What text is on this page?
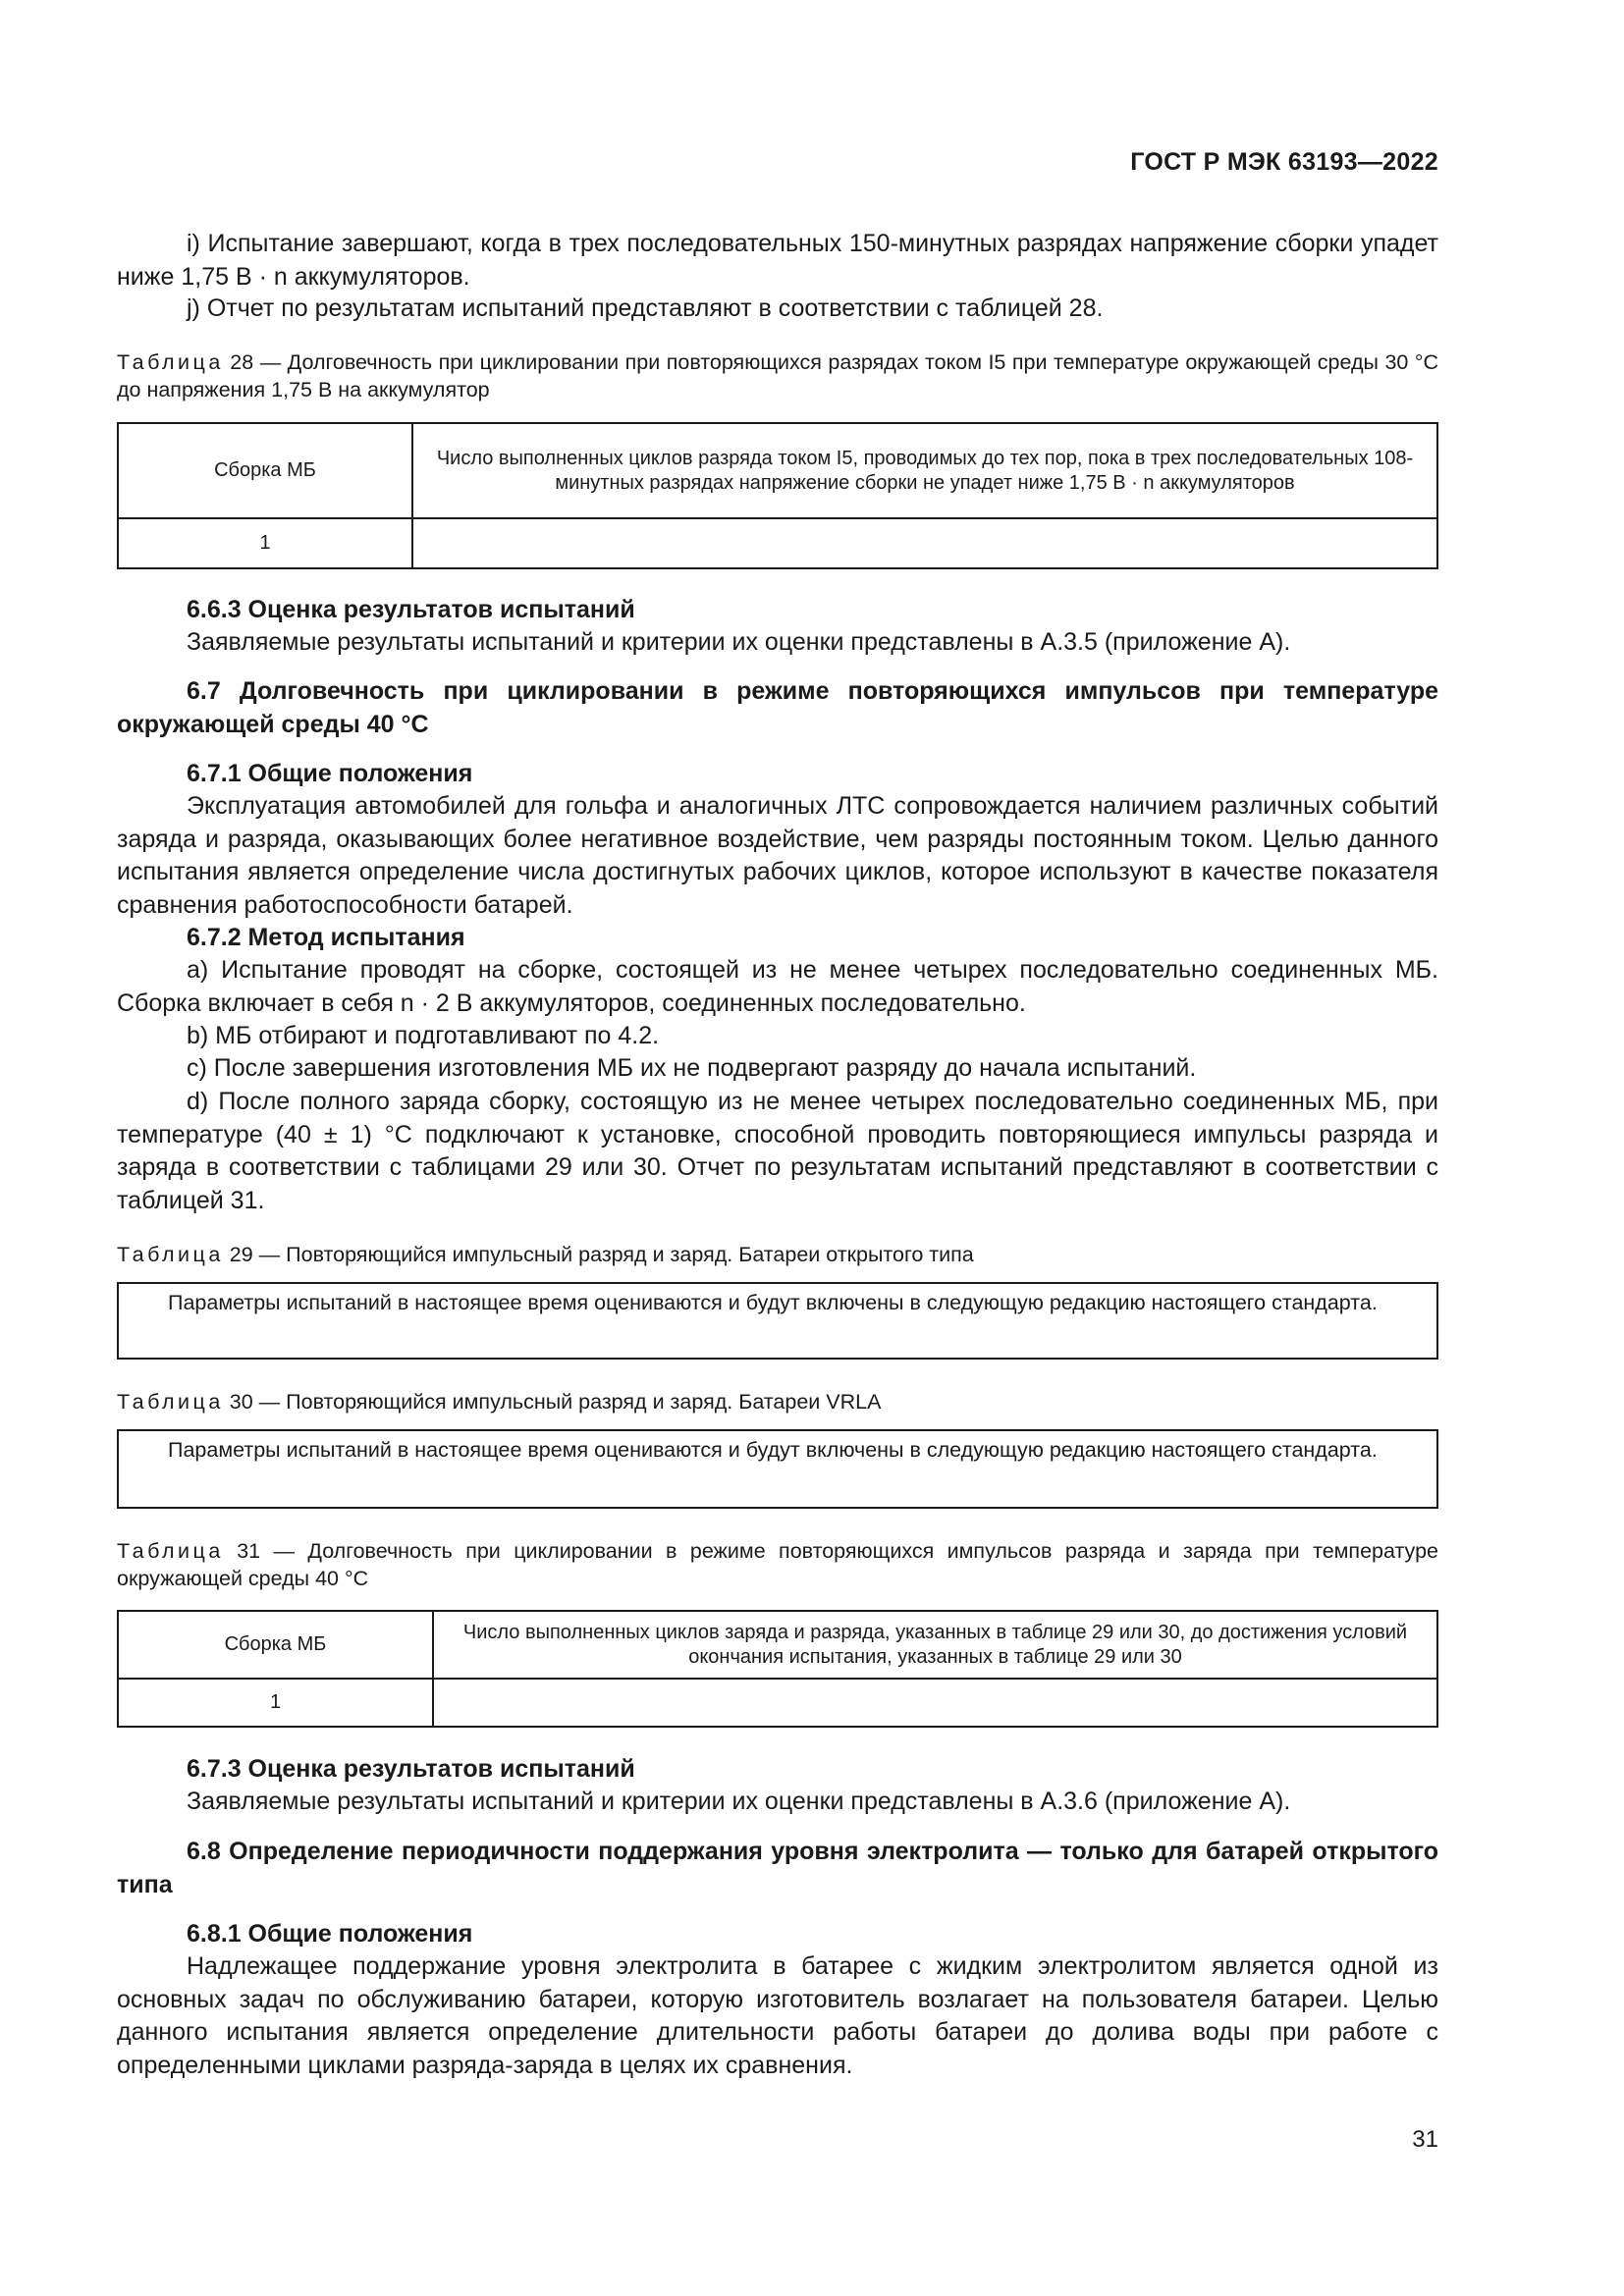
ГОСТ Р МЭК 63193—2022
i) Испытание завершают, когда в трех последовательных 150-минутных разрядах напряжение сборки упадет ниже 1,75 В · n аккумуляторов.
j) Отчет по результатам испытаний представляют в соответствии с таблицей 28.
Таблица 28 — Долговечность при циклировании при повторяющихся разрядах током I5 при температуре окружающей среды 30 °С до напряжения 1,75 В на аккумулятор
Сборка МБ	Число выполненных циклов разряда током I5, проводимых до тех пор, пока в трех последовательных 108-минутных разрядах напряжение сборки не упадет ниже 1,75 В · n аккумуляторов
1	
6.6.3 Оценка результатов испытаний
Заявляемые результаты испытаний и критерии их оценки представлены в А.3.5 (приложение А).
6.7 Долговечность при циклировании в режиме повторяющихся импульсов при температуре окружающей среды 40 °С
6.7.1 Общие положения
Эксплуатация автомобилей для гольфа и аналогичных ЛТС сопровождается наличием различных событий заряда и разряда, оказывающих более негативное воздействие, чем разряды постоянным током. Целью данного испытания является определение числа достигнутых рабочих циклов, которое используют в качестве показателя сравнения работоспособности батарей.
6.7.2 Метод испытания
a) Испытание проводят на сборке, состоящей из не менее четырех последовательно соединенных МБ. Сборка включает в себя n · 2 В аккумуляторов, соединенных последовательно.
b) МБ отбирают и подготавливают по 4.2.
c) После завершения изготовления МБ их не подвергают разряду до начала испытаний.
d) После полного заряда сборку, состоящую из не менее четырех последовательно соединенных МБ, при температуре (40 ± 1) °С подключают к установке, способной проводить повторяющиеся импульсы разряда и заряда в соответствии с таблицами 29 или 30. Отчет по результатам испытаний представляют в соответствии с таблицей 31.
Таблица 29 — Повторяющийся импульсный разряд и заряд. Батареи открытого типа
Параметры испытаний в настоящее время оцениваются и будут включены в следующую редакцию настоящего стандарта.
Таблица 30 — Повторяющийся импульсный разряд и заряд. Батареи VRLA
Параметры испытаний в настоящее время оцениваются и будут включены в следующую редакцию настоящего стандарта.
Таблица 31 — Долговечность при циклировании в режиме повторяющихся импульсов разряда и заряда при температуре окружающей среды 40 °С
Сборка МБ	Число выполненных циклов заряда и разряда, указанных в таблице 29 или 30, до достижения условий окончания испытания, указанных в таблице 29 или 30
1	
6.7.3 Оценка результатов испытаний
Заявляемые результаты испытаний и критерии их оценки представлены в А.3.6 (приложение А).
6.8 Определение периодичности поддержания уровня электролита — только для батарей открытого типа
6.8.1 Общие положения
Надлежащее поддержание уровня электролита в батарее с жидким электролитом является одной из основных задач по обслуживанию батареи, которую изготовитель возлагает на пользователя батареи. Целью данного испытания является определение длительности работы батареи до долива воды при работе с определенными циклами разряда-заряда в целях их сравнения.
31
